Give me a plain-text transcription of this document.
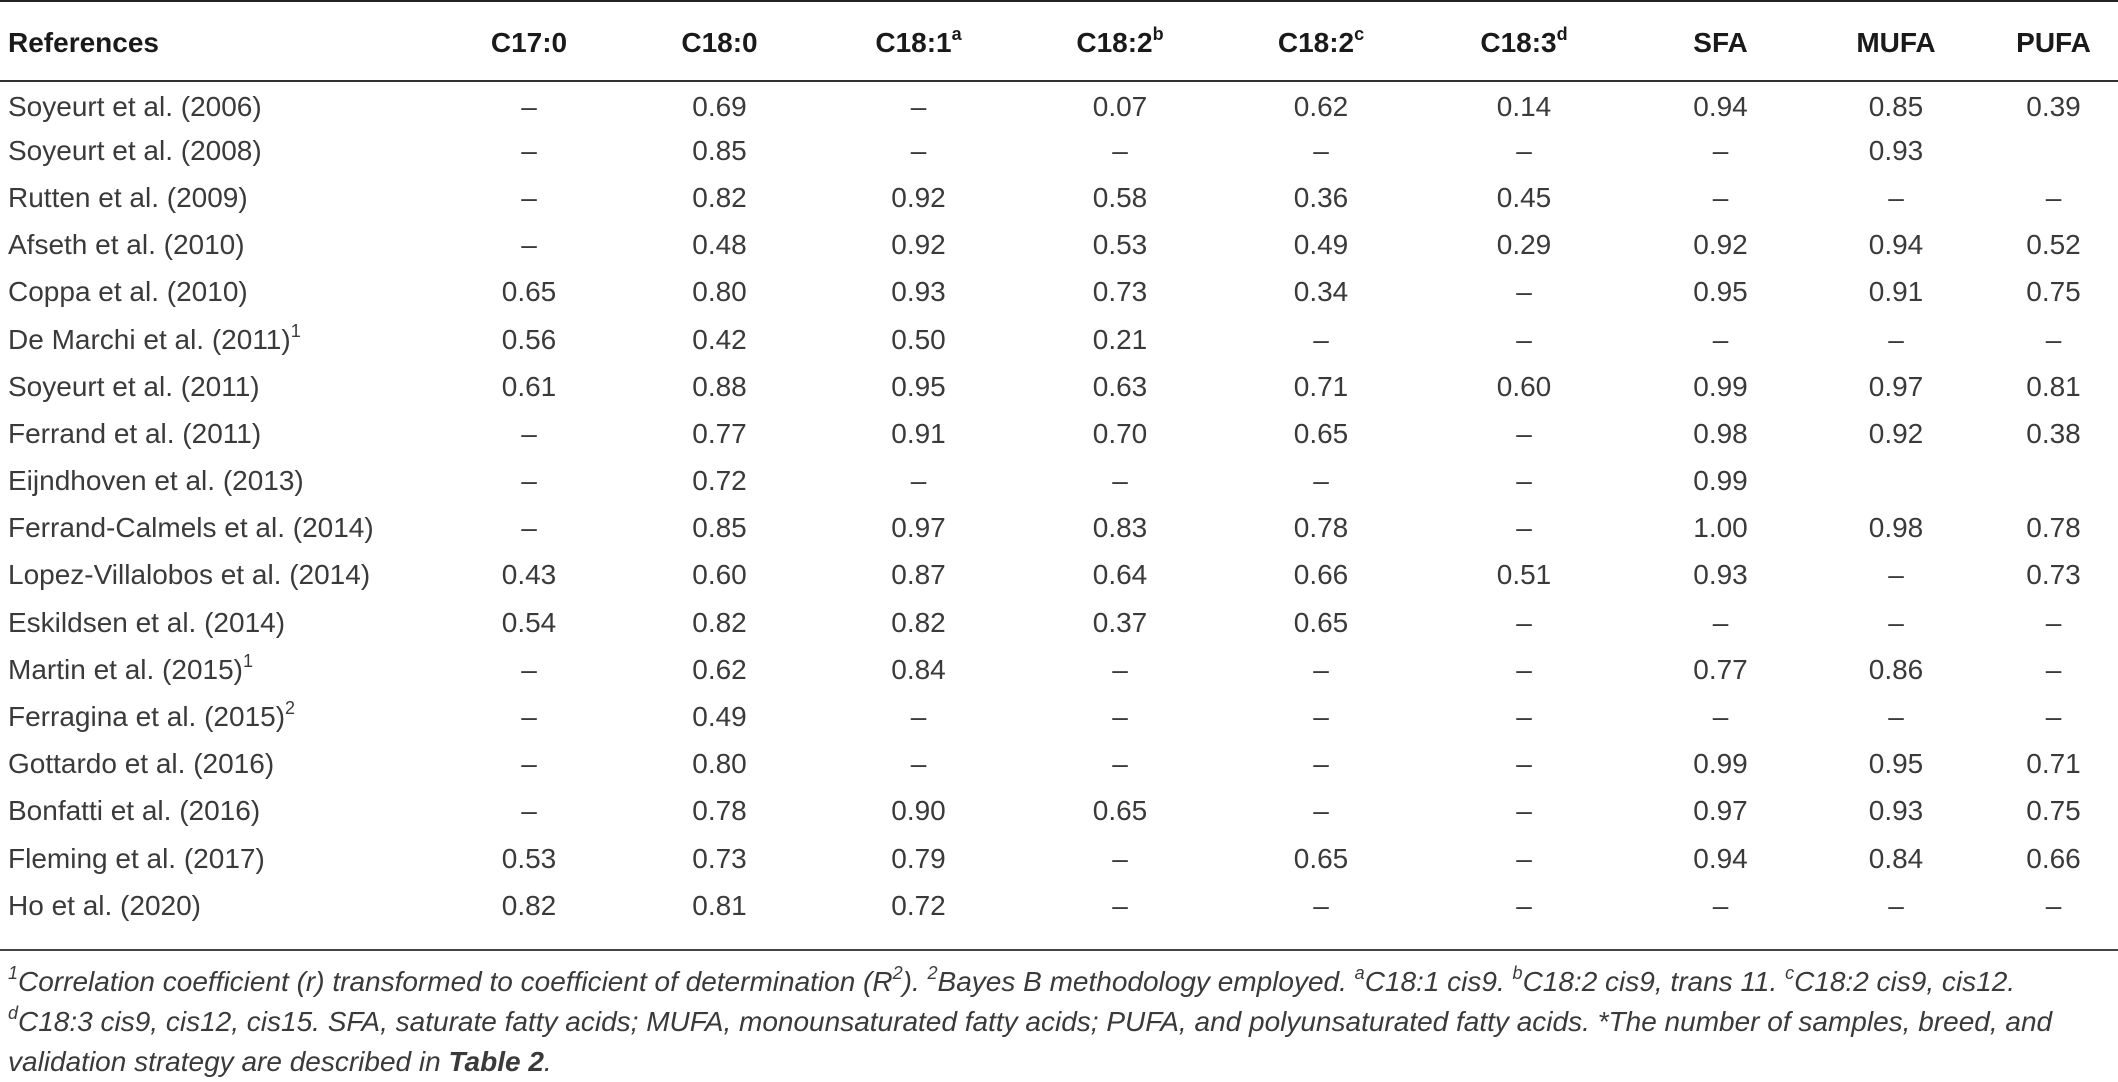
References	C17:0	C18:0	C18:1$^a$	C18:2$^b$	C18:2$^c$	C18:3$^d$	SFA	MUFA	PUFA
Soyeurt et al. (2006)	–	0.69	–	0.07	0.62	0.14	0.94	0.85	0.39
Soyeurt et al. (2008)	–	0.85	–	–	–	–	–	0.93	
Rutten et al. (2009)	–	0.82	0.92	0.58	0.36	0.45	–	–	–
Afseth et al. (2010)	–	0.48	0.92	0.53	0.49	0.29	0.92	0.94	0.52
Coppa et al. (2010)	0.65	0.80	0.93	0.73	0.34	–	0.95	0.91	0.75
De Marchi et al. $(2011)^1$	0.56	0.42	0.50	0.21	–	–	–	–	–
Soyeurt et al. (2011)	0.61	0.88	0.95	0.63	0.71	0.60	0.99	0.97	0.81
Ferrand et al. (2011)	–	0.77	0.91	0.70	0.65	–	0.98	0.92	0.38
Eijndhoven et al. (2013)	–	0.72	–	–	–	–	0.99		
Ferrand-Calmels et al. (2014)	–	0.85	0.97	0.83	0.78	–	1.00	0.98	0.78
Lopez-Villalobos et al. (2014)	0.43	0.60	0.87	0.64	0.66	0.51	0.93	–	0.73
Eskildsen et al. (2014)	0.54	0.82	0.82	0.37	0.65	–	–	–	–
Martin et al. $(2015)^1$	–	0.62	0.84	–	–	–	0.77	0.86	–
Ferragina et al. $(2015)^2$	–	0.49	–	–	–	–	–	–	–
Gottardo et al. (2016)	–	0.80	–	–	–	–	0.99	0.95	0.71
Bonfatti et al. (2016)	–	0.78	0.90	0.65	–	–	0.97	0.93	0.75
Fleming et al. (2017)	0.53	0.73	0.79	–	0.65	–	0.94	0.84	0.66
Ho et al. (2020)	0.82	0.81	0.72	–	–	–	–	–	–
$^1$Correlation coefficient (r) transformed to coefficient of determination $(R^2)$. $^2$Bayes B methodology employed. $^a$C18:1 cis9. $^b$C18:2 cis9, trans 11. $^c$C18:2 cis9, cis12.
$^d$C18:3 cis9, cis12, cis15. SFA, saturate fatty acids; MUFA, monounsaturated fatty acids; PUFA, and polyunsaturated fatty acids. *The number of samples, breed, and validation strategy are described in Table 2.
